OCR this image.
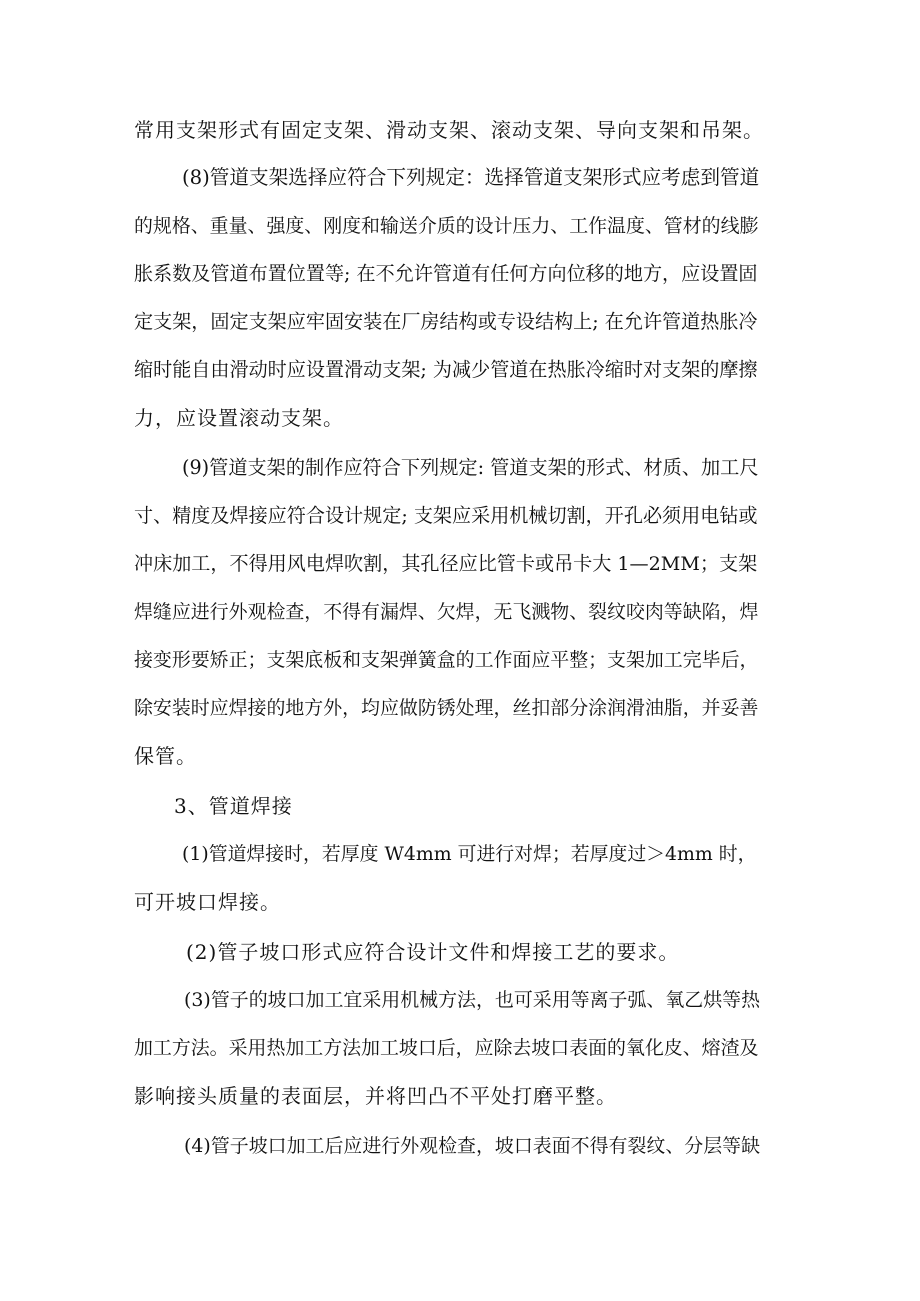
常用支架形式有固定支架、滑动支架、滚动支架、导向支架和吊架。
(8)管道支架选择应符合下列规定：选择管道支架形式应考虑到管道
的规格、重量、强度、刚度和输送介质的设计压力、工作温度、管材的线膨
胀系数及管道布置位置等; 在不允许管道有任何方向位移的地方，应设置固
定支架，固定支架应牢固安装在厂房结构或专设结构上; 在允许管道热胀冷
缩时能自由滑动时应设置滑动支架; 为减少管道在热胀冷缩时对支架的摩擦
力，应设置滚动支架。
(9)管道支架的制作应符合下列规定: 管道支架的形式、材质、加工尺
寸、精度及焊接应符合设计规定; 支架应采用机械切割，开孔必须用电钻或
冲床加工，不得用风电焊吹割，其孔径应比管卡或吊卡大 1—2MM；支架
焊缝应进行外观检查，不得有漏焊、欠焊，无飞溅物、裂纹咬肉等缺陷，焊
接变形要矫正；支架底板和支架弹簧盒的工作面应平整；支架加工完毕后，
除安装时应焊接的地方外，均应做防锈处理，丝扣部分涂润滑油脂，并妥善
保管。
3、管道焊接
(1)管道焊接时，若厚度 W4mm 可进行对焊；若厚度过＞4mm 时，
可开坡口焊接。
(2)管子坡口形式应符合设计文件和焊接工艺的要求。
(3)管子的坡口加工宜采用机械方法，也可采用等离子弧、氧乙烘等热
加工方法。采用热加工方法加工坡口后，应除去坡口表面的氧化皮、熔渣及
影响接头质量的表面层，并将凹凸不平处打磨平整。
(4)管子坡口加工后应进行外观检查，坡口表面不得有裂纹、分层等缺
